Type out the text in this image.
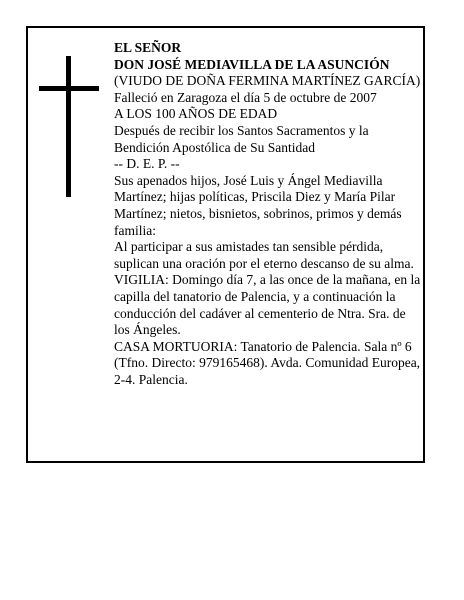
EL SEÑOR

DON JOSÉ MEDIAVILLA DE LA ASUNCIÓN

(VIUDO DE DOÑA FERMINA MARTÍNEZ GARCÍA)

Falleció en Zaragoza el día 5 de octubre de 2007

A LOS 100 AÑOS DE EDAD

Después de recibir los Santos Sacramentos y la Bendición Apostólica de Su Santidad

-- D. E. P. --

Sus apenados hijos, José Luis y Ángel Mediavilla Martínez; hijas políticas, Priscila Diez y María Pilar Martínez; nietos, bisnietos, sobrinos, primos y demás familia:

Al participar a sus amistades tan sensible pérdida, suplican una oración por el eterno descanso de su alma.

VIGILIA: Domingo día 7, a las once de la mañana, en la capilla del tanatorio de Palencia, y a continuación la conducción del cadáver al cementerio de Ntra. Sra. de los Ángeles.

CASA MORTUORIA: Tanatorio de Palencia. Sala nº 6 (Tfno. Directo: 979165468). Avda. Comunidad Europea, 2-4. Palencia.
